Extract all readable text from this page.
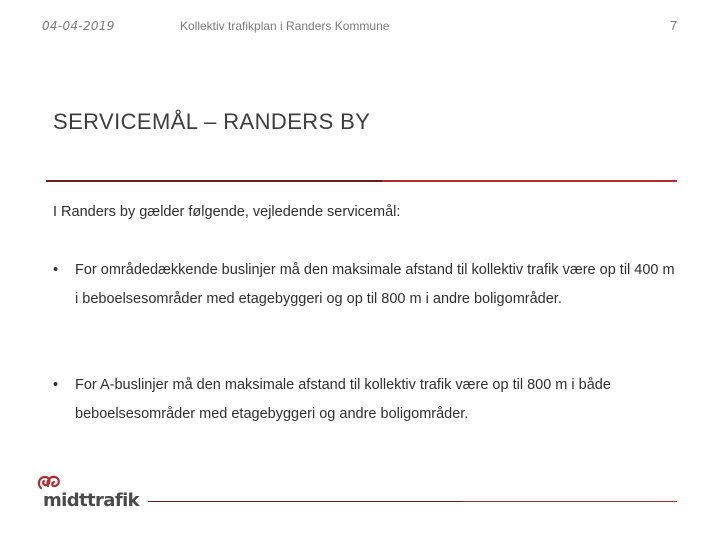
04-04-2019	Kollektiv trafikplan i Randers Kommune	7
SERVICEMÅL – RANDERS BY
I Randers by gælder følgende, vejledende servicemål:
• For områdedækkende buslinjer må den maksimale afstand til kollektiv trafik være op til 400 m i beboelsesområder med etagebyggeri og op til 800 m i andre boligområder.
• For A-buslinjer må den maksimale afstand til kollektiv trafik være op til 800 m i både beboelsesområder med etagebyggeri og andre boligområder.
midttrafik
